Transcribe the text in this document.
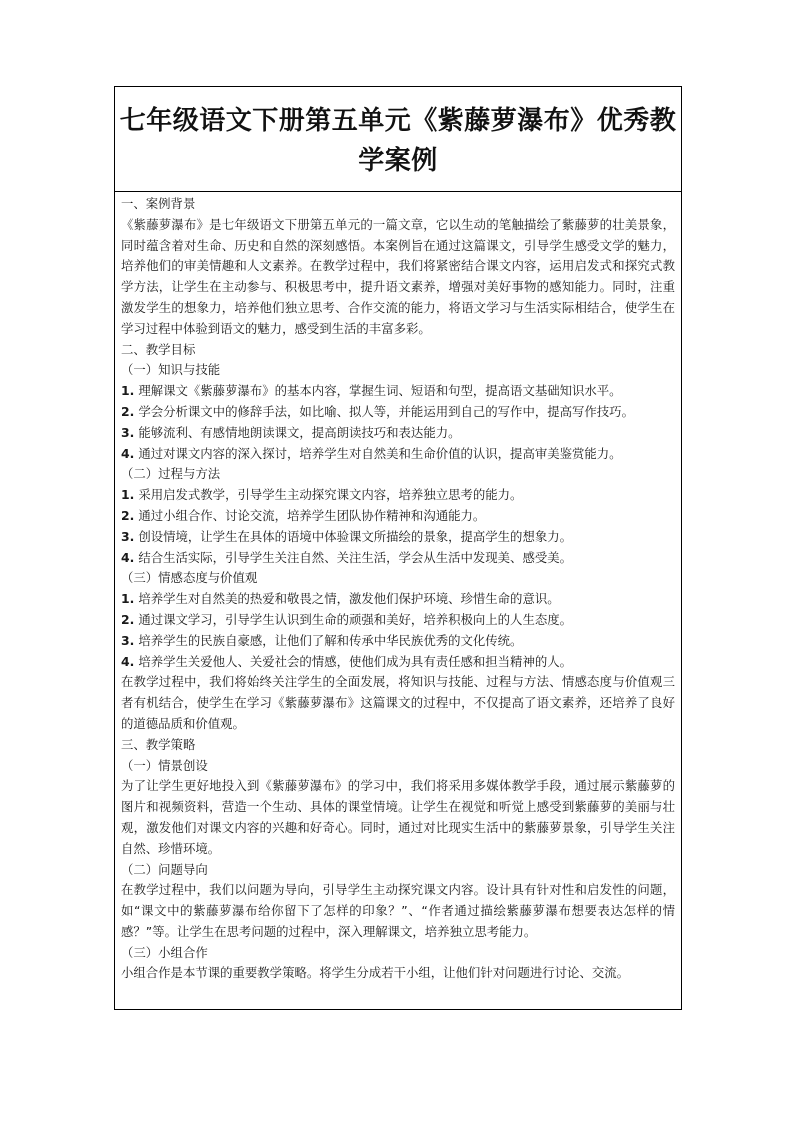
七年级语文下册第五单元《紫藤萝瀑布》优秀教学案例

一、案例背景

《紫藤萝瀑布》是七年级语文下册第五单元的一篇文章，它以生动的笔触描绘了紫藤萝的壮美景象，同时蕴含着对生命、历史和自然的深刻感悟。本案例旨在通过这篇课文，引导学生感受文学的魅力，培养他们的审美情趣和人文素养。在教学过程中，我们将紧密结合课文内容，运用启发式和探究式教学方法，让学生在主动参与、积极思考中，提升语文素养，增强对美好事物的感知能力。同时，注重激发学生的想象力，培养他们独立思考、合作交流的能力，将语文学习与生活实际相结合，使学生在学习过程中体验到语文的魅力，感受到生活的丰富多彩。

二、教学目标

（一）知识与技能

1. 理解课文《紫藤萝瀑布》的基本内容，掌握生词、短语和句型，提高语文基础知识水平。

2. 学会分析课文中的修辞手法，如比喻、拟人等，并能运用到自己的写作中，提高写作技巧。

3. 能够流利、有感情地朗读课文，提高朗读技巧和表达能力。

4. 通过对课文内容的深入探讨，培养学生对自然美和生命价值的认识，提高审美鉴赏能力。

（二）过程与方法

1. 采用启发式教学，引导学生主动探究课文内容，培养独立思考的能力。

2. 通过小组合作、讨论交流，培养学生团队协作精神和沟通能力。

3. 创设情境，让学生在具体的语境中体验课文所描绘的景象，提高学生的想象力。

4. 结合生活实际，引导学生关注自然、关注生活，学会从生活中发现美、感受美。

（三）情感态度与价值观

1. 培养学生对自然美的热爱和敬畏之情，激发他们保护环境、珍惜生命的意识。

2. 通过课文学习，引导学生认识到生命的顽强和美好，培养积极向上的人生态度。

3. 培养学生的民族自豪感，让他们了解和传承中华民族优秀的文化传统。

4. 培养学生关爱他人、关爱社会的情感，使他们成为具有责任感和担当精神的人。

在教学过程中，我们将始终关注学生的全面发展，将知识与技能、过程与方法、情感态度与价值观三者有机结合，使学生在学习《紫藤萝瀑布》这篇课文的过程中，不仅提高了语文素养，还培养了良好的道德品质和价值观。

三、教学策略

（一）情景创设

为了让学生更好地投入到《紫藤萝瀑布》的学习中，我们将采用多媒体教学手段，通过展示紫藤萝的图片和视频资料，营造一个生动、具体的课堂情境。让学生在视觉和听觉上感受到紫藤萝的美丽与壮观，激发他们对课文内容的兴趣和好奇心。同时，通过对比现实生活中的紫藤萝景象，引导学生关注自然、珍惜环境。

（二）问题导向

在教学过程中，我们以问题为导向，引导学生主动探究课文内容。设计具有针对性和启发性的问题，如“课文中的紫藤萝瀑布给你留下了怎样的印象？”、“作者通过描绘紫藤萝瀑布想要表达怎样的情感？”等。让学生在思考问题的过程中，深入理解课文，培养独立思考能力。

（三）小组合作

小组合作是本节课的重要教学策略。将学生分成若干小组，让他们针对问题进行讨论、交流。
